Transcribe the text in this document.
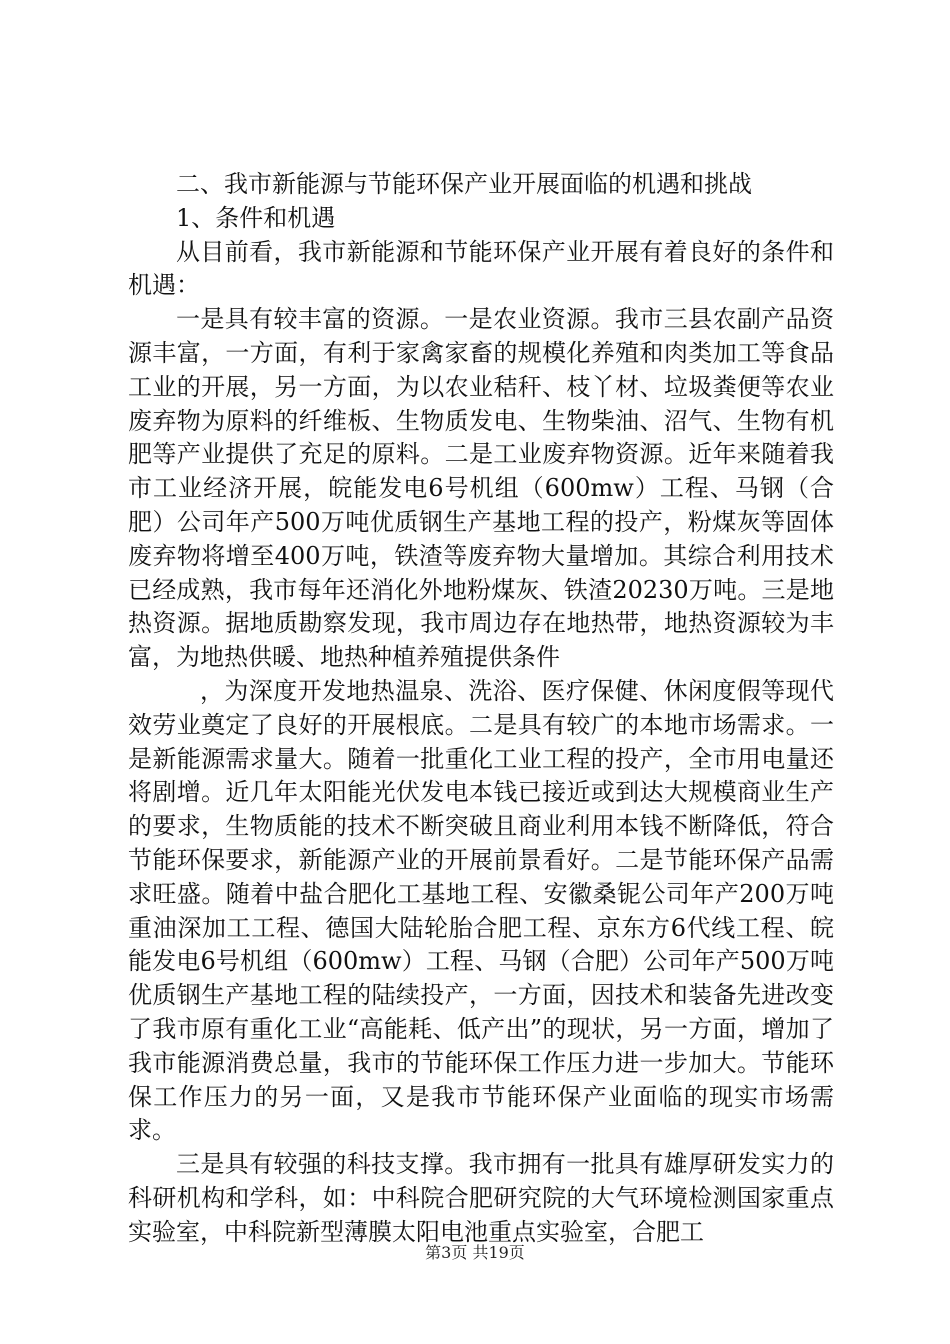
二、我市新能源与节能环保产业开展面临的机遇和挑战

1、条件和机遇

从目前看，我市新能源和节能环保产业开展有着良好的条件和机遇：

一是具有较丰富的资源。一是农业资源。我市三县农副产品资源丰富，一方面，有利于家禽家畜的规模化养殖和肉类加工等食品工业的开展，另一方面，为以农业秸秆、枝丫材、垃圾粪便等农业废弃物为原料的纤维板、生物质发电、生物柴油、沼气、生物有机肥等产业提供了充足的原料。二是工业废弃物资源。近年来随着我市工业经济开展，皖能发电6号机组（600mw）工程、马钢（合肥）公司年产500万吨优质钢生产基地工程的投产，粉煤灰等固体废弃物将增至400万吨，铁渣等废弃物大量增加。其综合利用技术已经成熟，我市每年还消化外地粉煤灰、铁渣20230万吨。三是地热资源。据地质勘察发现，我市周边存在地热带，地热资源较为丰富，为地热供暖、地热种植养殖提供条件

，为深度开发地热温泉、洗浴、医疗保健、休闲度假等现代效劳业奠定了良好的开展根底。二是具有较广的本地市场需求。一是新能源需求量大。随着一批重化工业工程的投产，全市用电量还将剧增。近几年太阳能光伏发电本钱已接近或到达大规模商业生产的要求，生物质能的技术不断突破且商业利用本钱不断降低，符合节能环保要求，新能源产业的开展前景看好。二是节能环保产品需求旺盛。随着中盐合肥化工基地工程、安徽桑铌公司年产200万吨重油深加工工程、德国大陆轮胎合肥工程、京东方6代线工程、皖能发电6号机组（600mw）工程、马钢（合肥）公司年产500万吨优质钢生产基地工程的陆续投产，一方面，因技术和装备先进改变了我市原有重化工业“高能耗、低产出”的现状，另一方面，增加了我市能源消费总量，我市的节能环保工作压力进一步加大。节能环保工作压力的另一面，又是我市节能环保产业面临的现实市场需求。

三是具有较强的科技支撑。我市拥有一批具有雄厚研发实力的科研机构和学科，如：中科院合肥研究院的大气环境检测国家重点实验室，中科院新型薄膜太阳电池重点实验室，合肥工

第3页 共19页
